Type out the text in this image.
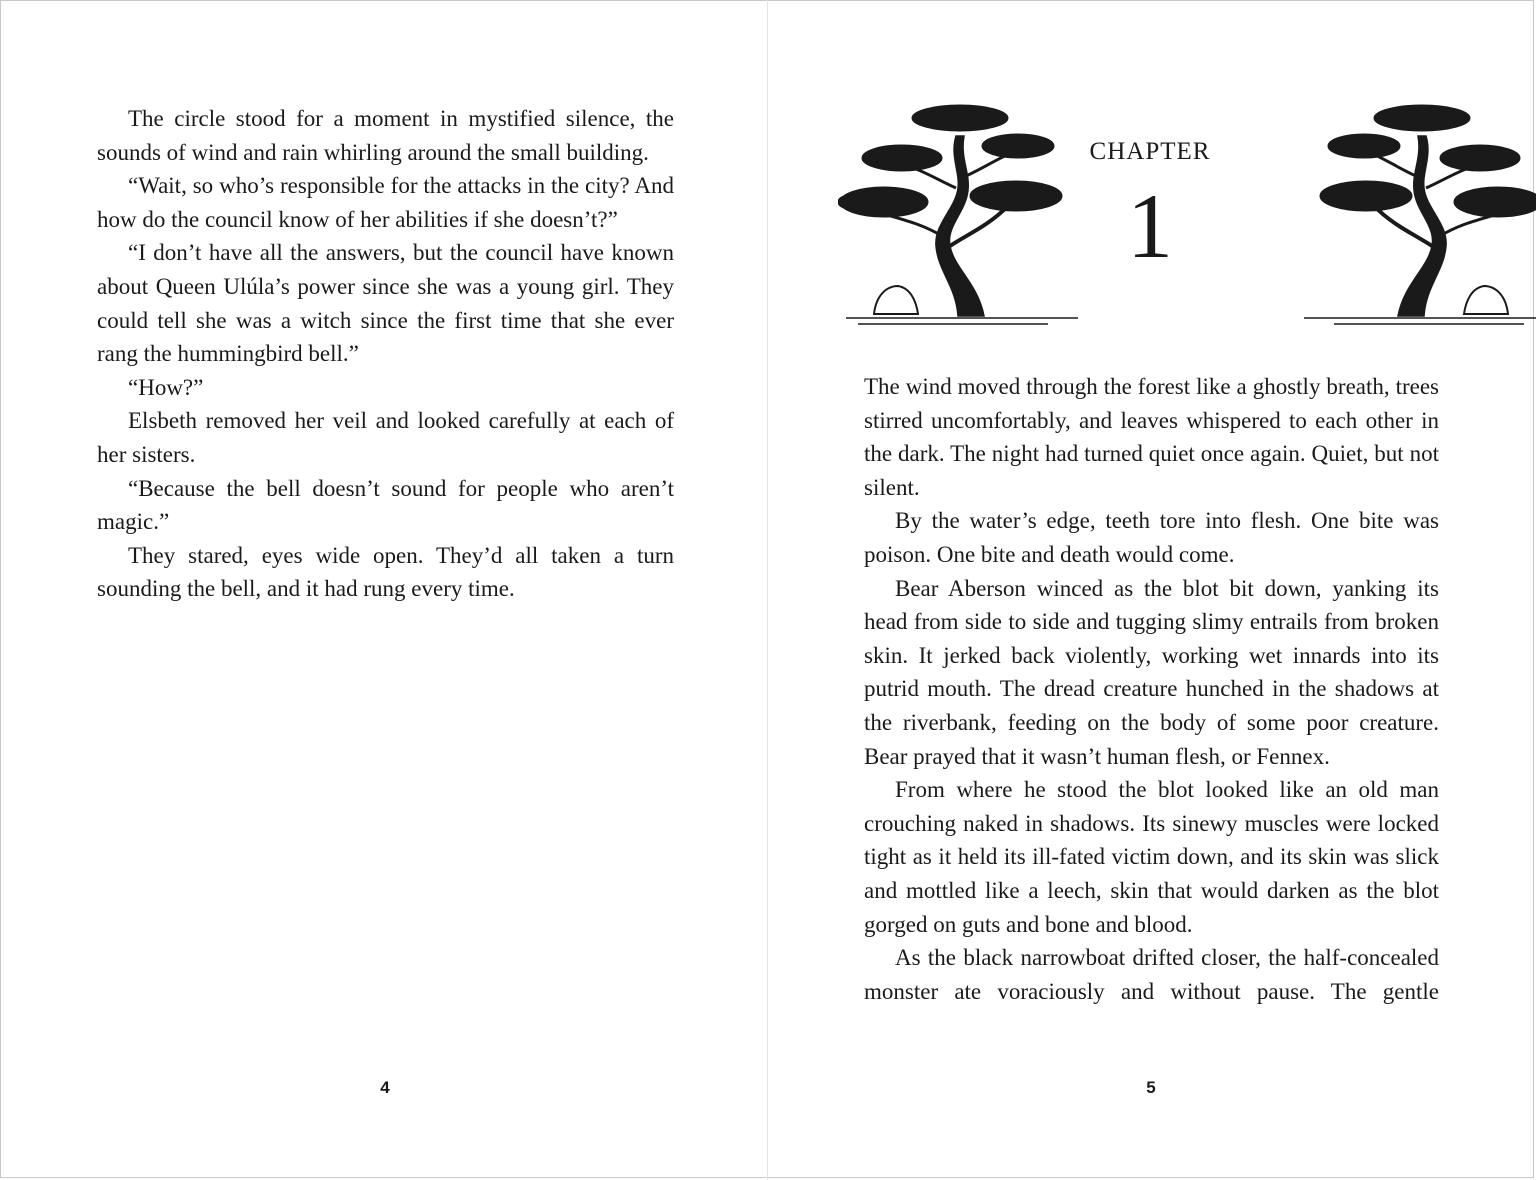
The circle stood for a moment in mystified silence, the sounds of wind and rain whirling around the small building.

“Wait, so who’s responsible for the attacks in the city? And how do the council know of her abilities if she doesn’t?”

“I don’t have all the answers, but the council have known about Queen Ulúla’s power since she was a young girl. They could tell she was a witch since the first time that she ever rang the hummingbird bell.”

“How?”

Elsbeth removed her veil and looked carefully at each of her sisters.

“Because the bell doesn’t sound for people who aren’t magic.”

They stared, eyes wide open. They’d all taken a turn sounding the bell, and it had rung every time.

4
CHAPTER
1

The wind moved through the forest like a ghostly breath, trees stirred uncomfortably, and leaves whispered to each other in the dark. The night had turned quiet once again. Quiet, but not silent.

By the water’s edge, teeth tore into flesh. One bite was poison. One bite and death would come.

Bear Aberson winced as the blot bit down, yanking its head from side to side and tugging slimy entrails from broken skin. It jerked back violently, working wet innards into its putrid mouth. The dread creature hunched in the shadows at the riverbank, feeding on the body of some poor creature. Bear prayed that it wasn’t human flesh, or Fennex.

From where he stood the blot looked like an old man crouching naked in shadows. Its sinewy muscles were locked tight as it held its ill-fated victim down, and its skin was slick and mottled like a leech, skin that would darken as the blot gorged on guts and bone and blood.

As the black narrowboat drifted closer, the half-concealed monster ate voraciously and without pause. The gentle

5
